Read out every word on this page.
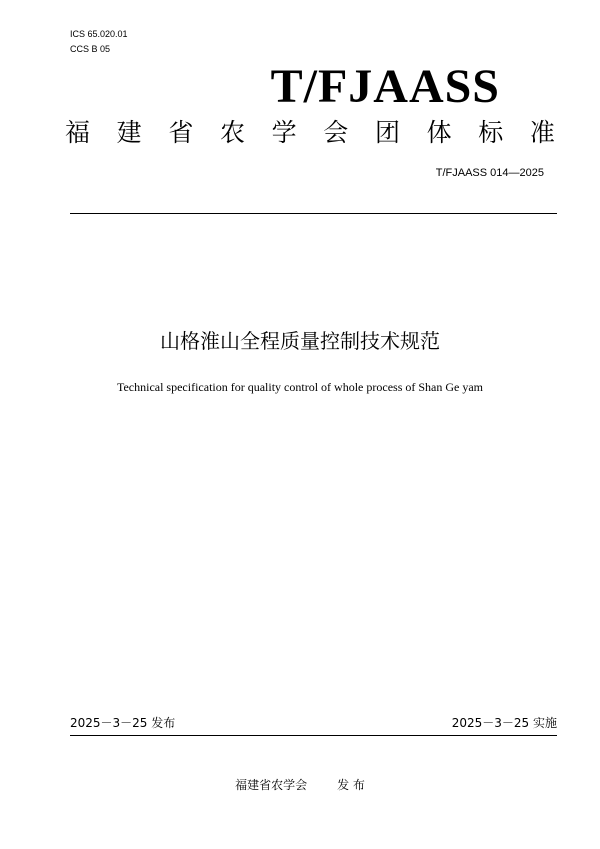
ICS 65.020.01
CCS B 05
T/FJAASS
福 建 省 农 学 会 团 体 标 准
T/FJAASS 014—2025
山格淮山全程质量控制技术规范
Technical specification for quality control of whole process of Shan Ge yam
2025－3－25 发布	2025－3－25 实施
福建省农学会	发 布
